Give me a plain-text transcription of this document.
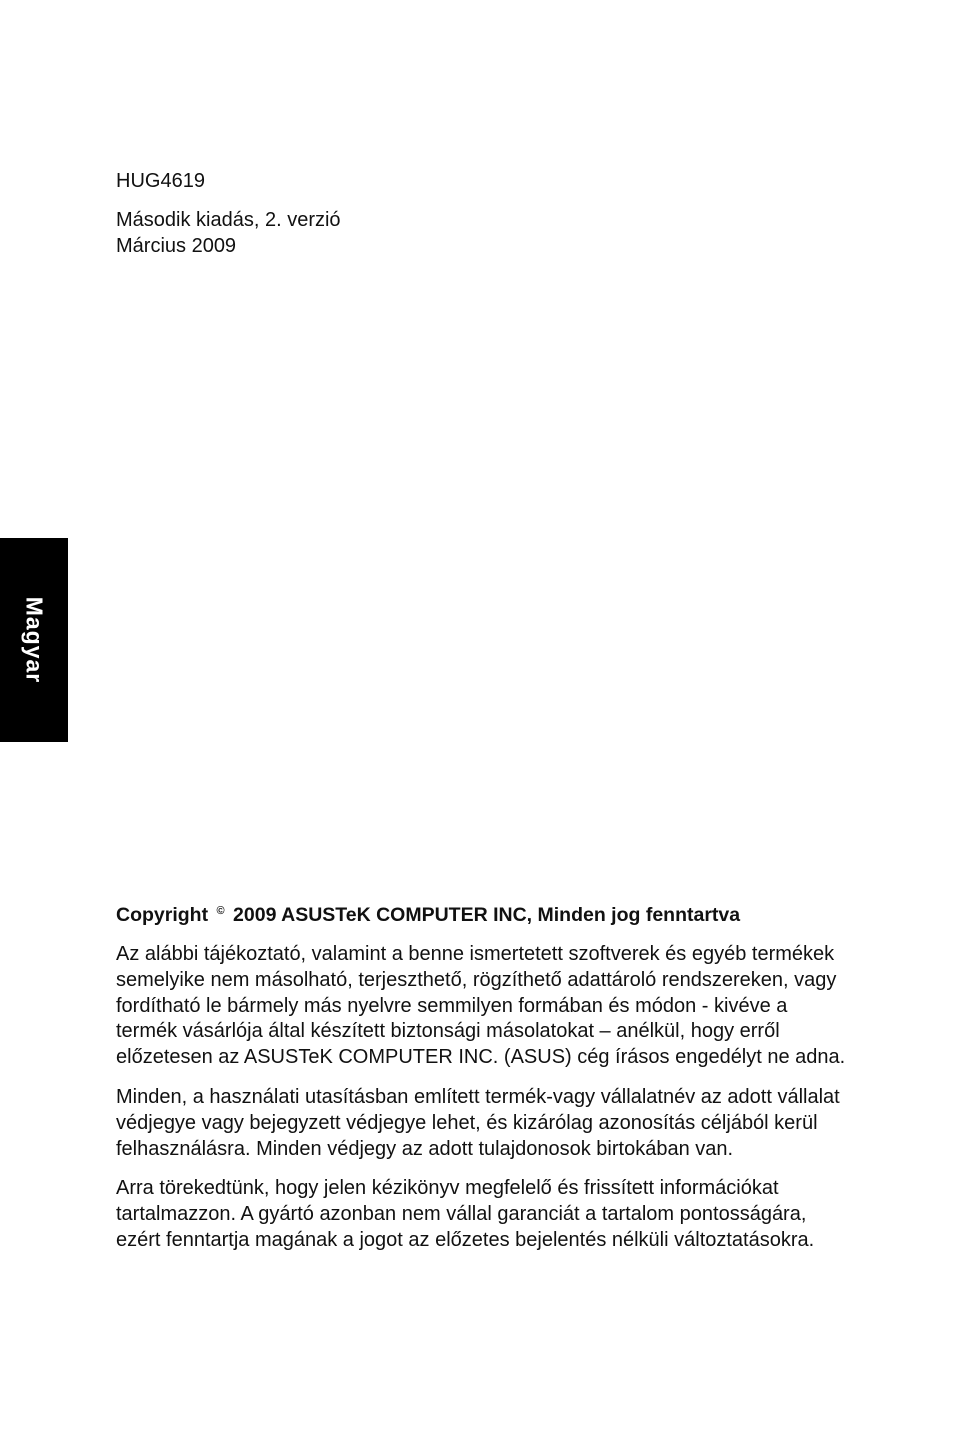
HUG4619

Második kiadás, 2. verzió
Március 2009

Magyar

Copyright © 2009 ASUSTeK COMPUTER INC, Minden jog fenntartva

Az alábbi tájékoztató, valamint a benne ismertetett szoftverek és egyéb termékek semelyike nem másolható, terjeszthető, rögzíthető adattároló rendszereken, vagy fordítható le bármely más nyelvre semmilyen formában és módon - kivéve a termék vásárlója által készített biztonsági másolatokat – anélkül, hogy erről előzetesen az ASUSTeK COMPUTER INC. (ASUS) cég írásos engedélyt ne adna.

Minden, a használati utasításban említett termék-vagy vállalatnév az adott vállalat védjegye vagy bejegyzett védjegye lehet, és kizárólag azonosítás céljából kerül felhasználásra. Minden védjegy az adott tulajdonosok birtokában van.

Arra törekedtünk, hogy jelen kézikönyv megfelelő és frissített információkat tartalmazzon. A gyártó azonban nem vállal garanciát a tartalom pontosságára, ezért fenntartja magának a jogot az előzetes bejelentés nélküli változtatásokra.
